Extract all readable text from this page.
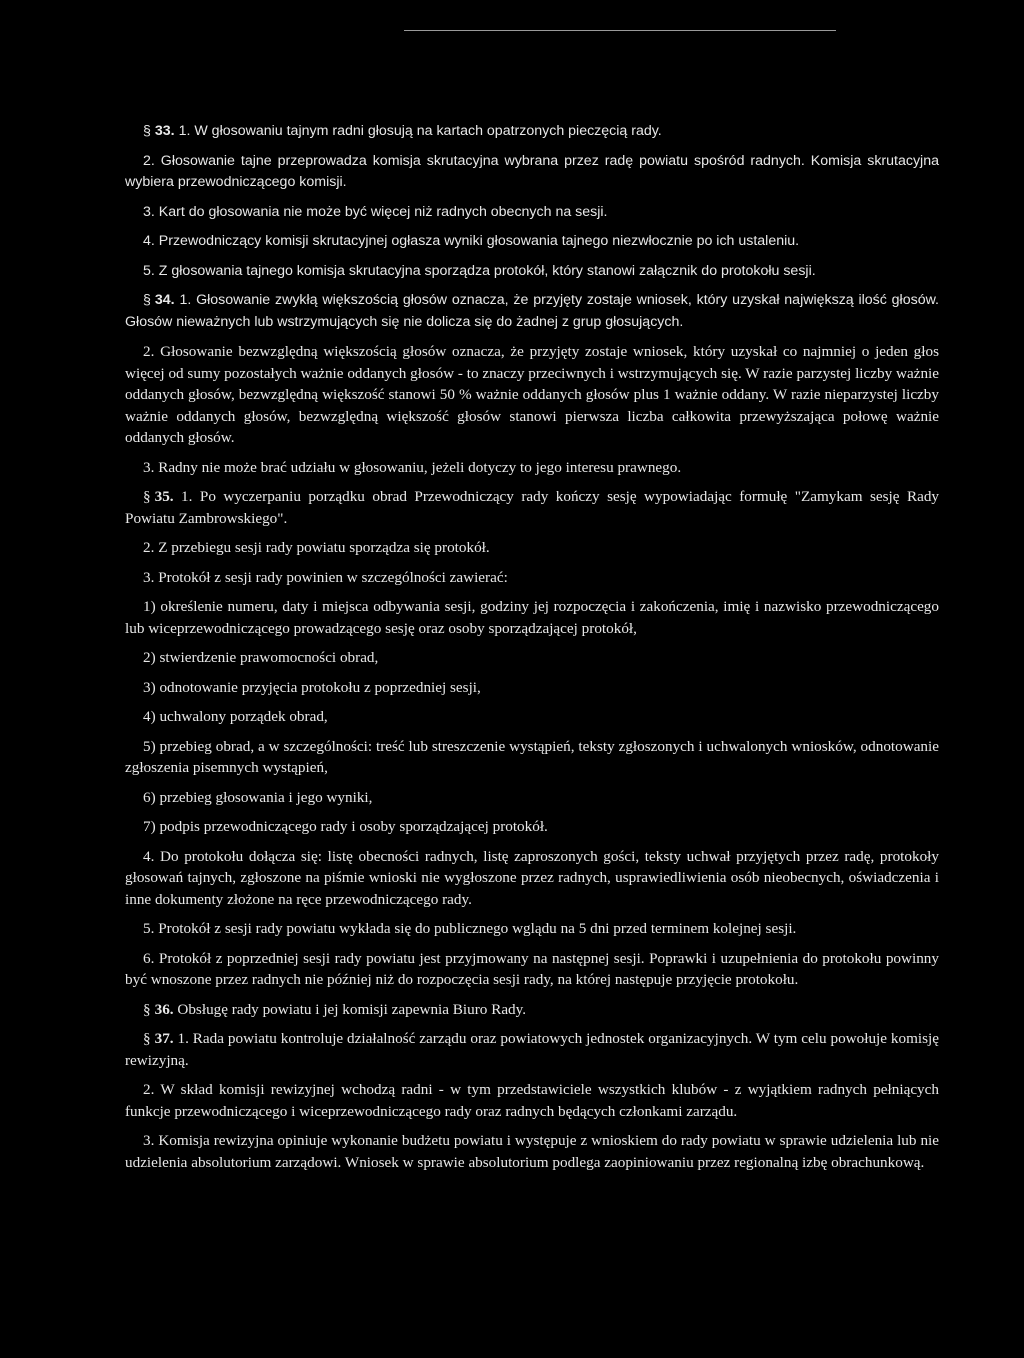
§ 33. 1. W głosowaniu tajnym radni głosują na kartach opatrzonych pieczęcią rady.

2. Głosowanie tajne przeprowadza komisja skrutacyjna wybrana przez radę powiatu spośród radnych. Komisja skrutacyjna wybiera przewodniczącego komisji.

3. Kart do głosowania nie może być więcej niż radnych obecnych na sesji.

4. Przewodniczący komisji skrutacyjnej ogłasza wyniki głosowania tajnego niezwłocznie po ich ustaleniu.

5. Z głosowania tajnego komisja skrutacyjna sporządza protokół, który stanowi załącznik do protokołu sesji.

§ 34. 1. Głosowanie zwykłą większością głosów oznacza, że przyjęty zostaje wniosek, który uzyskał największą ilość głosów. Głosów nieważnych lub wstrzymujących się nie dolicza się do żadnej z grup głosujących.

2. Głosowanie bezwzględną większością głosów oznacza, że przyjęty zostaje wniosek, który uzyskał co najmniej o jeden głos więcej od sumy pozostałych ważnie oddanych głosów - to znaczy przeciwnych i wstrzymujących się. W razie parzystej liczby ważnie oddanych głosów, bezwzględną większość stanowi 50 % ważnie oddanych głosów plus 1 ważnie oddany. W razie nieparzystej liczby ważnie oddanych głosów, bezwzględną większość głosów stanowi pierwsza liczba całkowita przewyższająca połowę ważnie oddanych głosów.

3. Radny nie może brać udziału w głosowaniu, jeżeli dotyczy to jego interesu prawnego.

§ 35. 1. Po wyczerpaniu porządku obrad Przewodniczący rady kończy sesję wypowiadając formułę "Zamykam sesję Rady Powiatu Zambrowskiego".

2. Z przebiegu sesji rady powiatu sporządza się protokół.

3. Protokół z sesji rady powinien w szczególności zawierać:

1) określenie numeru, daty i miejsca odbywania sesji, godziny jej rozpoczęcia i zakończenia, imię i nazwisko przewodniczącego lub wiceprzewodniczącego prowadzącego sesję oraz osoby sporządzającej protokół,

2) stwierdzenie prawomocności obrad,

3) odnotowanie przyjęcia protokołu z poprzedniej sesji,

4) uchwalony porządek obrad,

5) przebieg obrad, a w szczególności: treść lub streszczenie wystąpień, teksty zgłoszonych i uchwalonych wniosków, odnotowanie zgłoszenia pisemnych wystąpień,

6) przebieg głosowania i jego wyniki,

7) podpis przewodniczącego rady i osoby sporządzającej protokół.

4. Do protokołu dołącza się: listę obecności radnych, listę zaproszonych gości, teksty uchwał przyjętych przez radę, protokoły głosowań tajnych, zgłoszone na piśmie wnioski nie wygłoszone przez radnych, usprawiedliwienia osób nieobecnych, oświadczenia i inne dokumenty złożone na ręce przewodniczącego rady.

5. Protokół z sesji rady powiatu wykłada się do publicznego wglądu na 5 dni przed terminem kolejnej sesji.

6. Protokół z poprzedniej sesji rady powiatu jest przyjmowany na następnej sesji. Poprawki i uzupełnienia do protokołu powinny być wnoszone przez radnych nie później niż do rozpoczęcia sesji rady, na której następuje przyjęcie protokołu.

§ 36. Obsługę rady powiatu i jej komisji zapewnia Biuro Rady.

§ 37. 1. Rada powiatu kontroluje działalność zarządu oraz powiatowych jednostek organizacyjnych. W tym celu powołuje komisję rewizyjną.

2. W skład komisji rewizyjnej wchodzą radni - w tym przedstawiciele wszystkich klubów - z wyjątkiem radnych pełniących funkcje przewodniczącego i wiceprzewodniczącego rady oraz radnych będących członkami zarządu.

3. Komisja rewizyjna opiniuje wykonanie budżetu powiatu i występuje z wnioskiem do rady powiatu w sprawie udzielenia lub nie udzielenia absolutorium zarządowi. Wniosek w sprawie absolutorium podlega zaopiniowaniu przez regionalną izbę obrachunkową.
